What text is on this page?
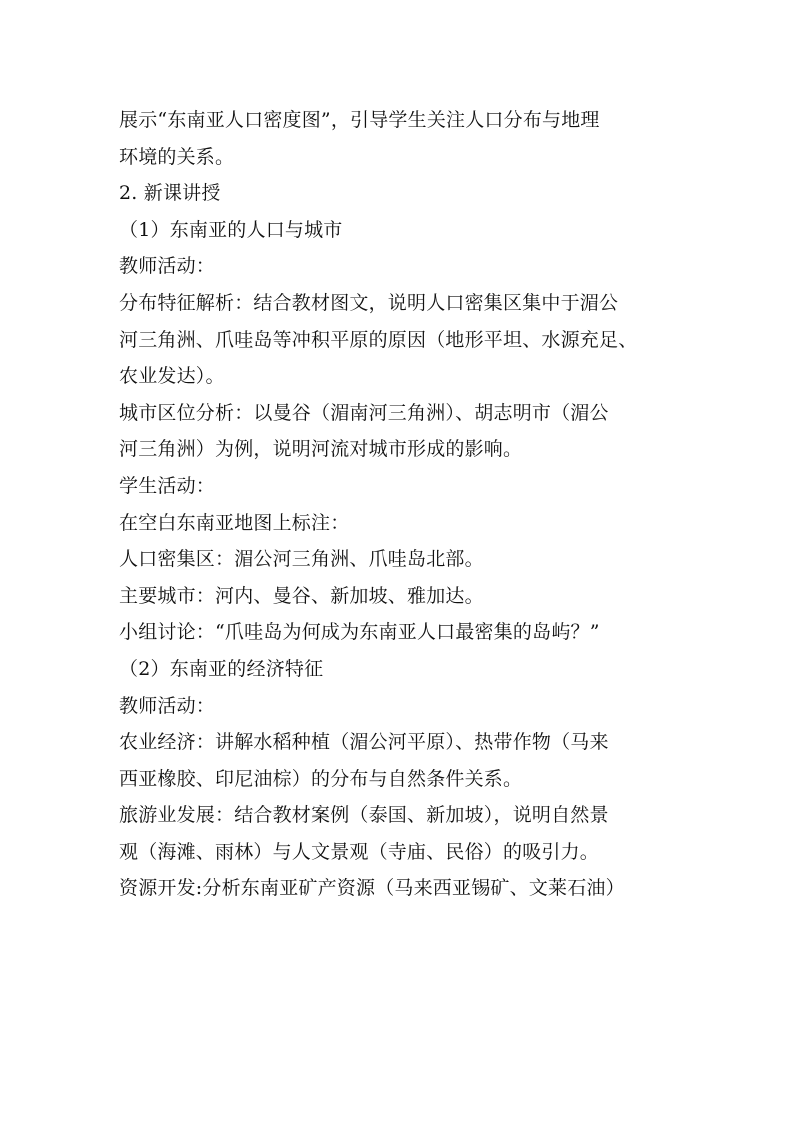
展示“东南亚人口密度图”，引导学生关注人口分布与地理
环境的关系。
2. 新课讲授
（1）东南亚的人口与城市
教师活动：
分布特征解析：结合教材图文，说明人口密集区集中于湄公
河三角洲、爪哇岛等冲积平原的原因（地形平坦、水源充足、
农业发达）。
城市区位分析：以曼谷（湄南河三角洲）、胡志明市（湄公
河三角洲）为例，说明河流对城市形成的影响。
学生活动：
在空白东南亚地图上标注：
人口密集区：湄公河三角洲、爪哇岛北部。
主要城市：河内、曼谷、新加坡、雅加达。
小组讨论：“爪哇岛为何成为东南亚人口最密集的岛屿？”
（2）东南亚的经济特征
教师活动：
农业经济：讲解水稻种植（湄公河平原）、热带作物（马来
西亚橡胶、印尼油棕）的分布与自然条件关系。
旅游业发展：结合教材案例（泰国、新加坡），说明自然景
观（海滩、雨林）与人文景观（寺庙、民俗）的吸引力。
资源开发:分析东南亚矿产资源（马来西亚锡矿、文莱石油）
